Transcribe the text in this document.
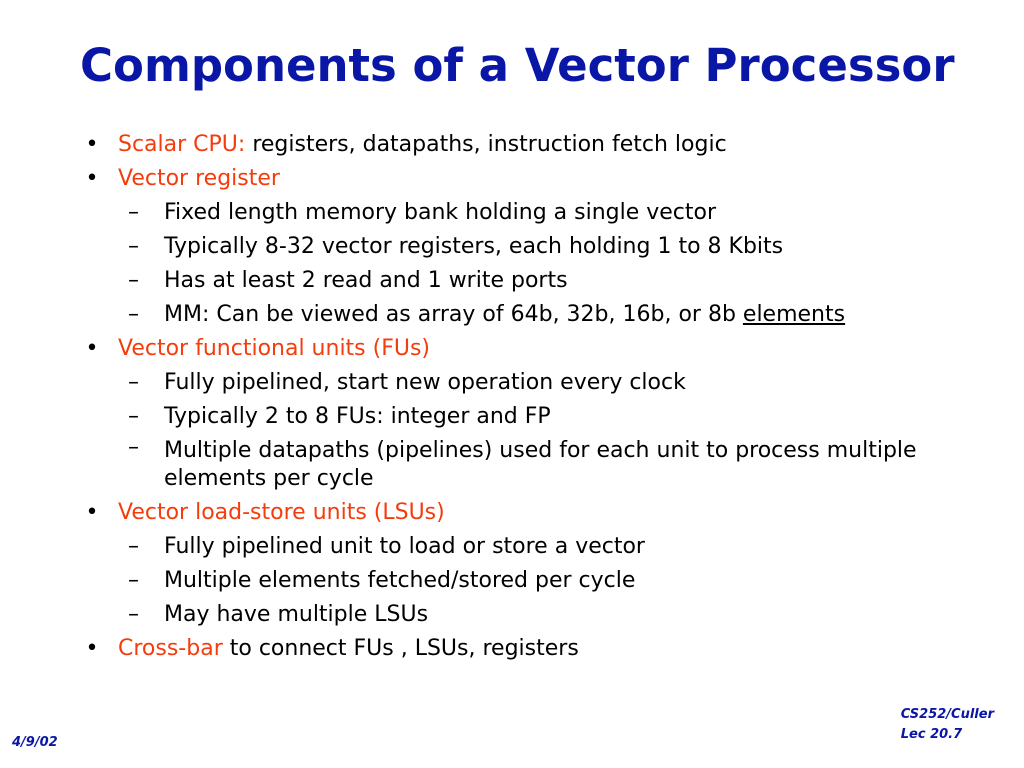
Components of a Vector Processor
• Scalar CPU: registers, datapaths, instruction fetch logic
• Vector register
– Fixed length memory bank holding a single vector
– Typically 8-32 vector registers, each holding 1 to 8 Kbits
– Has at least 2 read and 1 write ports
– MM: Can be viewed as array of 64b, 32b, 16b, or 8b elements
• Vector functional units (FUs)
– Fully pipelined, start new operation every clock
– Typically 2 to 8 FUs: integer and FP
– Multiple datapaths (pipelines) used for each unit to process multiple elements per cycle
• Vector load-store units (LSUs)
– Fully pipelined unit to load or store a vector
– Multiple elements fetched/stored per cycle
– May have multiple LSUs
• Cross-bar to connect FUs , LSUs, registers
4/9/02
CS252/Culler
Lec 20.7
